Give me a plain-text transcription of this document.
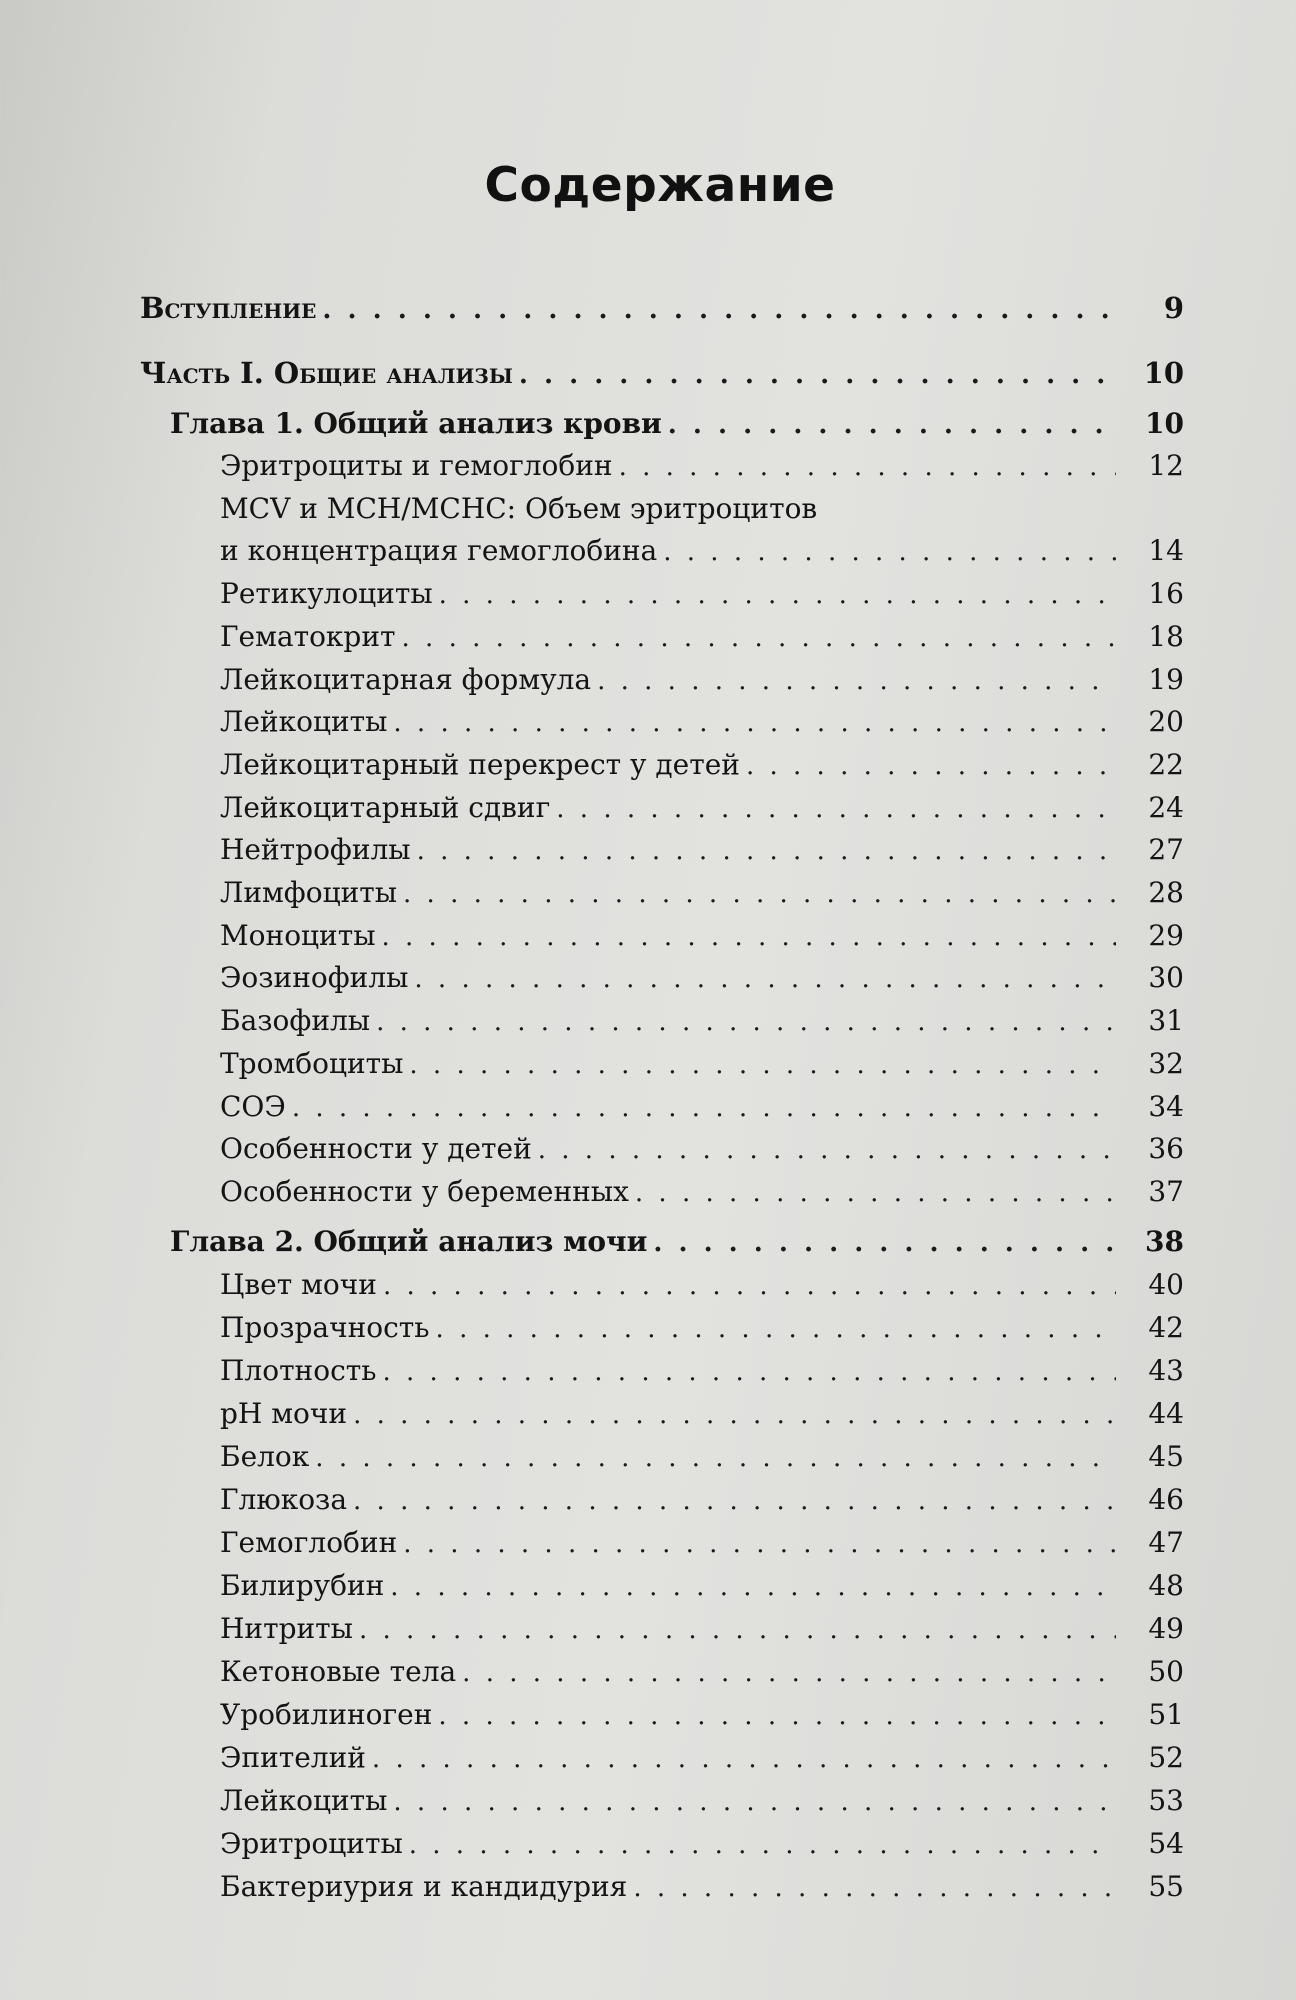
Содержание
Вступление . . .	9
Часть I. Общие анализы . . .	10
Глава 1. Общий анализ крови . . .	10
Эритроциты и гемоглобин . . .	12
MCV и MCH/MCHC: Объем эритроцитов
и концентрация гемоглобина . . .	14
Ретикулоциты . . .	16
Гематокрит . . .	18
Лейкоцитарная формула . . .	19
Лейкоциты . . .	20
Лейкоцитарный перекрест у детей . . .	22
Лейкоцитарный сдвиг . . .	24
Нейтрофилы . . .	27
Лимфоциты . . .	28
Моноциты . . .	29
Эозинофилы . . .	30
Базофилы . . .	31
Тромбоциты . . .	32
СОЭ . . .	34
Особенности у детей . . .	36
Особенности у беременных . . .	37
Глава 2. Общий анализ мочи . . .	38
Цвет мочи . . .	40
Прозрачность . . .	42
Плотность . . .	43
pH мочи . . .	44
Белок . . .	45
Глюкоза . . .	46
Гемоглобин . . .	47
Билирубин . . .	48
Нитриты . . .	49
Кетоновые тела . . .	50
Уробилиноген . . .	51
Эпителий . . .	52
Лейкоциты . . .	53
Эритроциты . . .	54
Бактериурия и кандидурия . . .	55
